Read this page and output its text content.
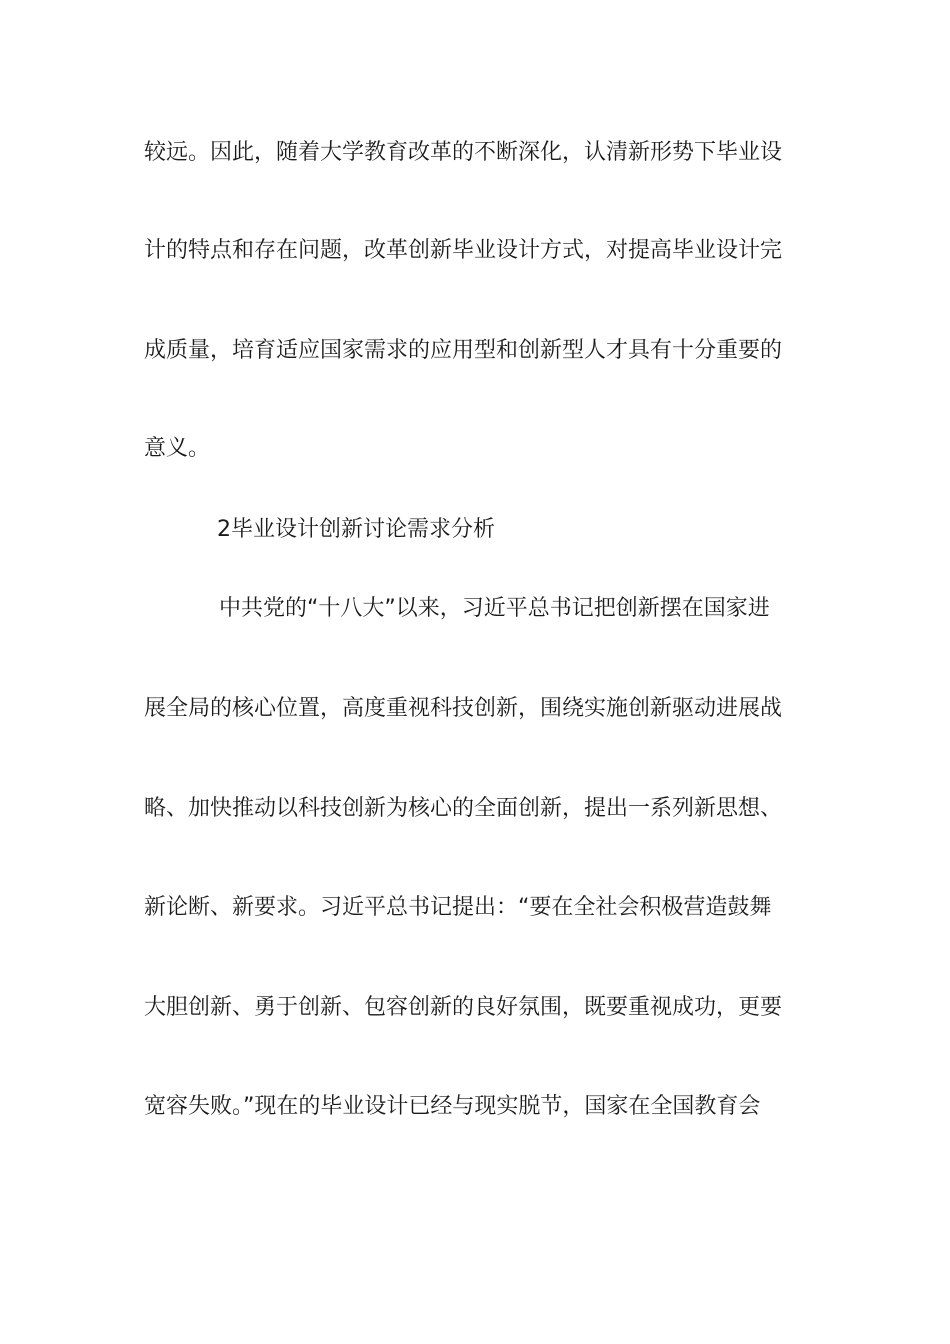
较远。因此，随着大学教育改革的不断深化，认清新形势下毕业设
计的特点和存在问题，改革创新毕业设计方式，对提高毕业设计完
成质量，培育适应国家需求的应用型和创新型人才具有十分重要的
意义。
2毕业设计创新讨论需求分析
中共党的“十八大”以来，习近平总书记把创新摆在国家进
展全局的核心位置，高度重视科技创新，围绕实施创新驱动进展战
略、加快推动以科技创新为核心的全面创新，提出一系列新思想、
新论断、新要求。习近平总书记提出：“要在全社会积极营造鼓舞
大胆创新、勇于创新、包容创新的良好氛围，既要重视成功，更要
宽容失败。”现在的毕业设计已经与现实脱节，国家在全国教育会
